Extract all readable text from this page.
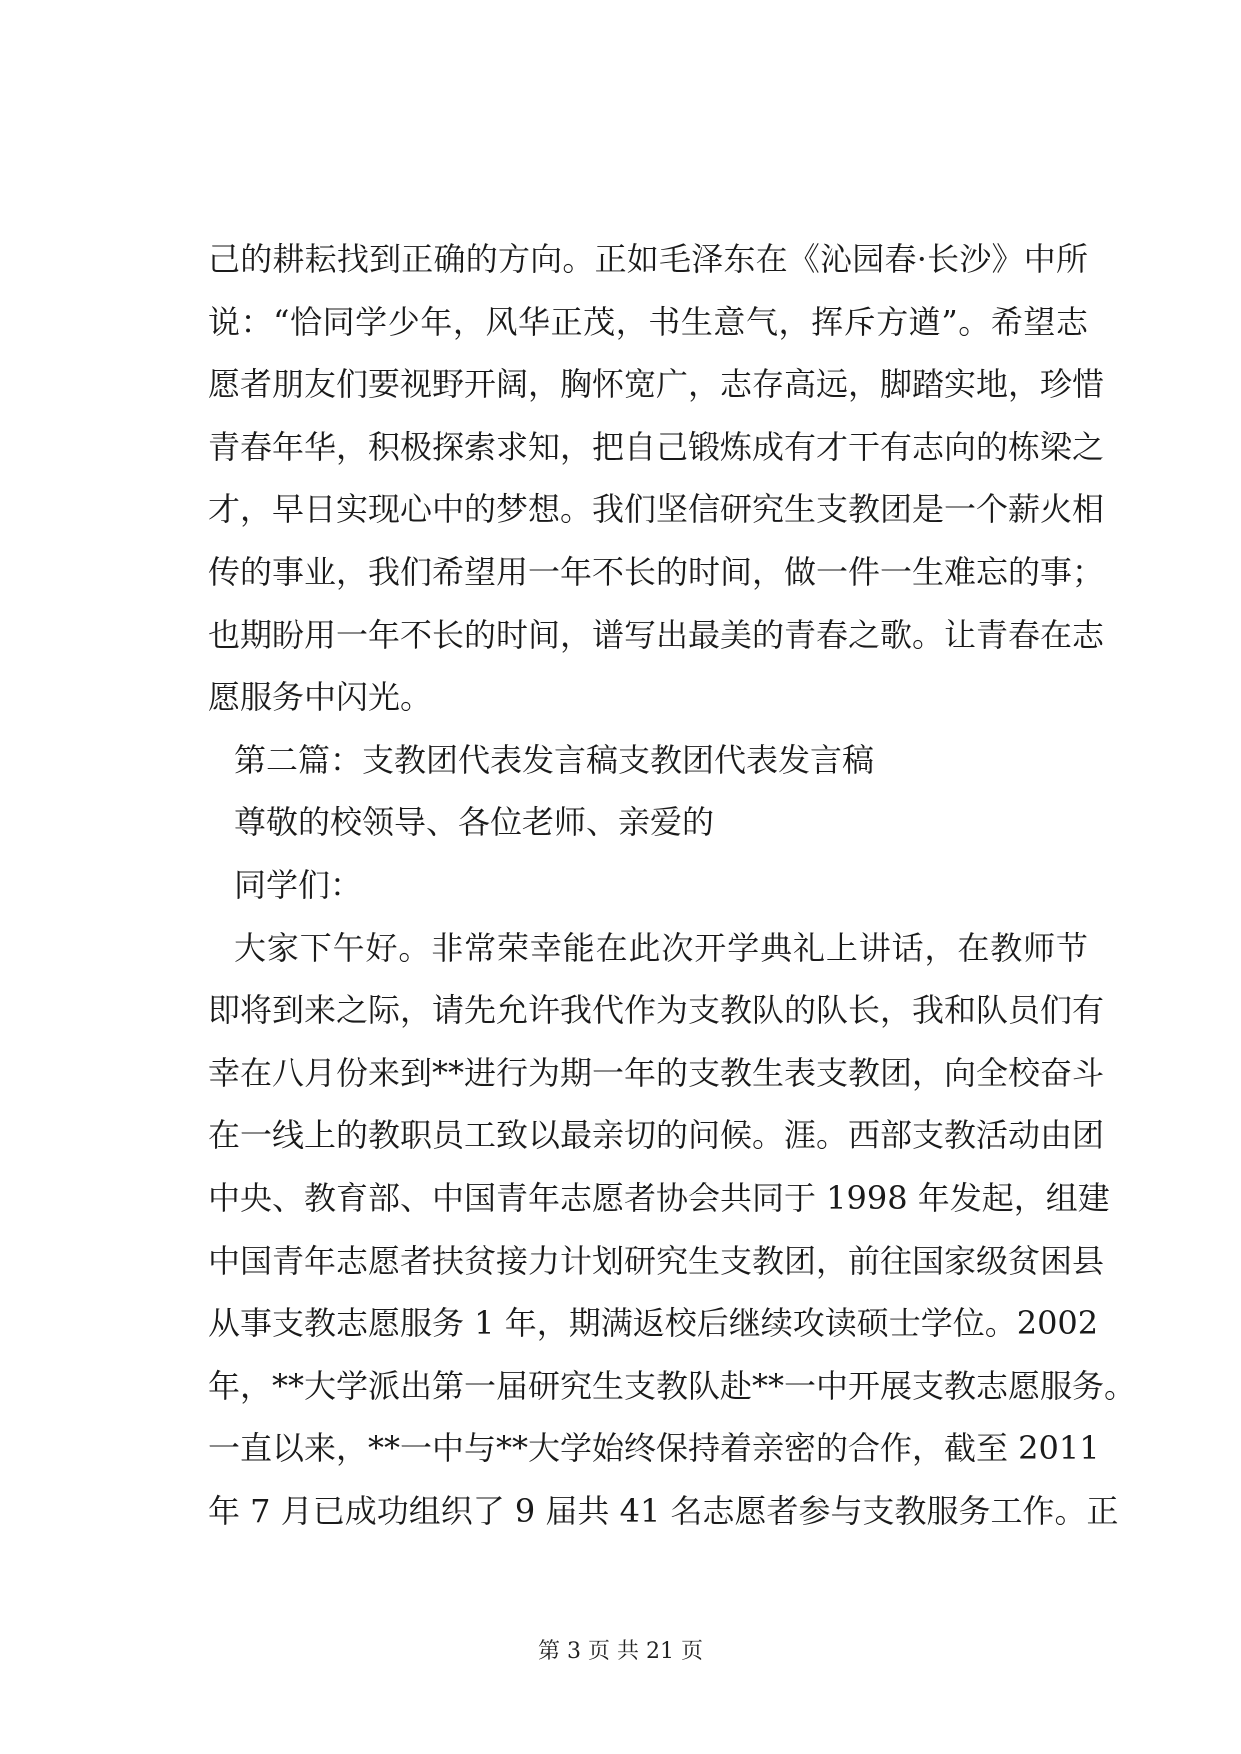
己的耕耘找到正确的方向。正如毛泽东在《沁园春·长沙》中所
说：“恰同学少年，风华正茂，书生意气，挥斥方遒”。希望志
愿者朋友们要视野开阔，胸怀宽广，志存高远，脚踏实地，珍惜
青春年华，积极探索求知，把自己锻炼成有才干有志向的栋梁之
才，早日实现心中的梦想。我们坚信研究生支教团是一个薪火相
传的事业，我们希望用一年不长的时间，做一件一生难忘的事；
也期盼用一年不长的时间，谱写出最美的青春之歌。让青春在志
愿服务中闪光。
第二篇：支教团代表发言稿支教团代表发言稿
尊敬的校领导、各位老师、亲爱的
同学们：
大家下午好。非常荣幸能在此次开学典礼上讲话，在教师节
即将到来之际，请先允许我代作为支教队的队长，我和队员们有
幸在八月份来到**进行为期一年的支教生表支教团，向全校奋斗
在一线上的教职员工致以最亲切的问候。涯。西部支教活动由团
中央、教育部、中国青年志愿者协会共同于 1998 年发起，组建
中国青年志愿者扶贫接力计划研究生支教团，前往国家级贫困县
从事支教志愿服务 1 年，期满返校后继续攻读硕士学位。2002
年，**大学派出第一届研究生支教队赴**一中开展支教志愿服务。
一直以来，**一中与**大学始终保持着亲密的合作，截至 2011
年 7 月已成功组织了 9 届共 41 名志愿者参与支教服务工作。正
第 3 页 共 21 页
